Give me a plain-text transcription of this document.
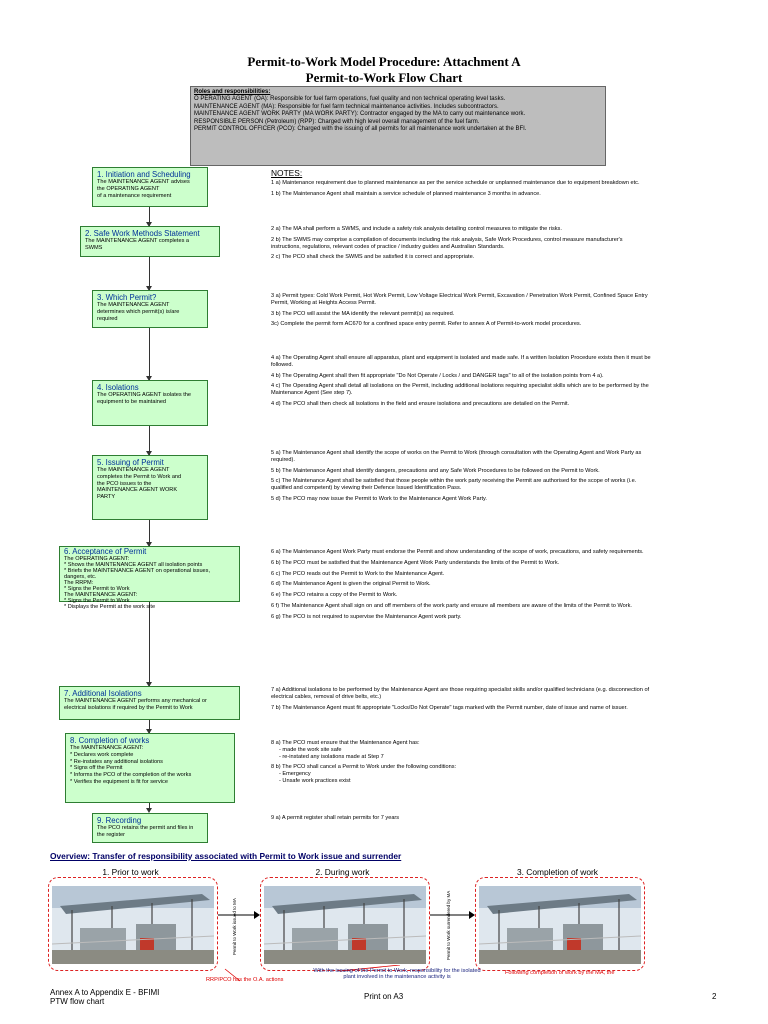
Permit-to-Work Model Procedure: Attachment A
Permit-to-Work Flow Chart
Roles and responsibilities:
O PERATING AGENT (OA): Responsible for fuel farm operations, fuel quality and non technical operating level tasks.
MAINTENANCE AGENT (MA): Responsible for fuel farm technical maintenance activities. Includes subcontractors.
MAINTENANCE AGENT WORK PARTY (MA WORK PARTY): Contractor engaged by the MA to carry out maintenance work.
RESPONSIBLE PERSON (Petroleum) (RPP): Charged with high level overall management of the fuel farm.
PERMIT CONTROL OFFICER (PCO): Charged with the issuing of all permits for all maintenance work undertaken at the BFI.
1. Initiation and Scheduling
The MAINTENANCE AGENT advises
the OPERATING AGENT
of a maintenance requirement
2. Safe Work Methods Statement
The MAINTENANCE AGENT completes a
SWMS
3. Which Permit?
The MAINTENANCE AGENT
determines which permit(s) is/are
required
4. Isolations
The OPERATING AGENT isolates the
equipment to be maintained
5. Issuing of Permit
The MAINTENANCE AGENT
completes the Permit to Work and
the PCO issues to the
MAINTENANCE AGENT WORK
PARTY
6. Acceptance of Permit
The OPERATING AGENT:
* Shows the MAINTENANCE AGENT all isolation points
* Briefs the MAINTENANCE AGENT on operational issues,
dangers, etc.
The RRPM:
* Signs the Permit to Work
The MAINTENANCE AGENT:
* Signs the Permit to Work
* Displays the Permit at the work site
7. Additional Isolations
The MAINTENANCE AGENT performs any mechanical or
electrical isolations if required by the Permit to Work
8. Completion of works
The MAINTENANCE AGENT:
* Declares work complete
* Re-instates any additional isolations
* Signs off the Permit
* Informs the PCO of the completion of the works
* Verifies the equipment is fit for service
9. Recording
The PCO retains the permit and files in
the register
NOTES:

1 a) Maintenance requirement due to planned maintenance as per the service schedule or unplanned maintenance due to equipment breakdown etc.

1 b) The Maintenance Agent shall maintain a service schedule of planned maintenance 3 months in advance.

2 a) The MA shall perform a SWMS, and include a safety risk analysis detailing control measures to mitigate the risks.

2 b) The SWMS may comprise a compilation of documents including the risk analysis, Safe Work Procedures, control measure manufacturer's instructions, regulations, relevant codes of practice / industry guides and Australian Standards.

2 c) The PCO shall check the SWMS and be satisfied it is correct and appropriate.

3 a) Permit types: Cold Work Permit, Hot Work Permit, Low Voltage Electrical Work Permit, Excavation / Penetration Work Permit, Confined Space Entry Permit, Working at Heights Access Permit.

3 b) The PCO will assist the MA identify the relevant permit(s) as required.

3c) Complete the permit form AC670 for a confined space entry permit. Refer to annex A of Permit-to-work model procedures.

4 a) The Operating Agent shall ensure all apparatus, plant and equipment is isolated and made safe. If a written Isolation Procedure exists then it must be followed.

4 b) The Operating Agent shall then fit appropriate "Do Not Operate / Locks / and DANGER tags" to all of the isolation points from 4 a).

4 c) The Operating Agent shall detail all isolations on the Permit, including additional isolations requiring specialist skills which are to be performed by the Maintenance Agent (See step 7).

4 d) The PCO shall then check all isolations in the field and ensure isolations and precautions are detailed on the Permit.

5 a) The Maintenance Agent shall identify the scope of works on the Permit to Work (through consultation with the Operating Agent and Work Party as required).

5 b) The Maintenance Agent shall identify dangers, precautions and any Safe Work Procedures to be followed on the Permit to Work.

5 c) The Maintenance Agent shall be satisfied that those people within the work party receiving the Permit are authorised for the scope of works (i.e. qualified and competent) by viewing their Defence Issued Identification Pass.

5 d) The PCO may now issue the Permit to Work to the Maintenance Agent Work Party.

6 a) The Maintenance Agent Work Party must endorse the Permit and show understanding of the scope of work, precautions, and safety requirements.

6 b) The PCO must be satisfied that the Maintenance Agent Work Party understands the limits of the Permit to Work.

6 c) The PCO reads out the Permit to Work to the Maintenance Agent.

6 d) The Maintenance Agent is given the original Permit to Work.

6 e) The PCO retains a copy of the Permit to Work.

6 f) The Maintenance Agent shall sign on and off members of the work party and ensure all members are aware of the limits of the Permit to Work.

6 g) The PCO is not required to supervise the Maintenance Agent work party.

7 a) Additional isolations to be performed by the Maintenance Agent are those requiring specialist skills and/or qualified technicians (e.g. disconnection of electrical cables, removal of drive belts, etc.)

7 b) The Maintenance Agent must fit appropriate "Locks/Do Not Operate" tags marked with the Permit number, date of issue and name of issuer.

8 a) The PCO must ensure that the Maintenance Agent has:
- made the work site safe
- re-instated any isolations made at Step 7
8 b) The PCO shall cancel a Permit to Work under the following conditions:
- Emergency
- Unsafe work practices exist

9 a) A permit register shall retain permits for 7 years

Overview: Transfer of responsibility associated with Permit to Work issue and surrender
1. Prior to work	2. During work	3. Completion of work
Permit to Work issued to MA	Permit to Work surrendered by MA
RRP/PCO has the O.A. actions
With the issuing of the Permit to Work, responsibility for the isolated plant involved in the maintenance activity is
Following completion of work by the MA, the
Annex A to Appendix E - BFIMI
PTW flow chart
Print on A3	2
